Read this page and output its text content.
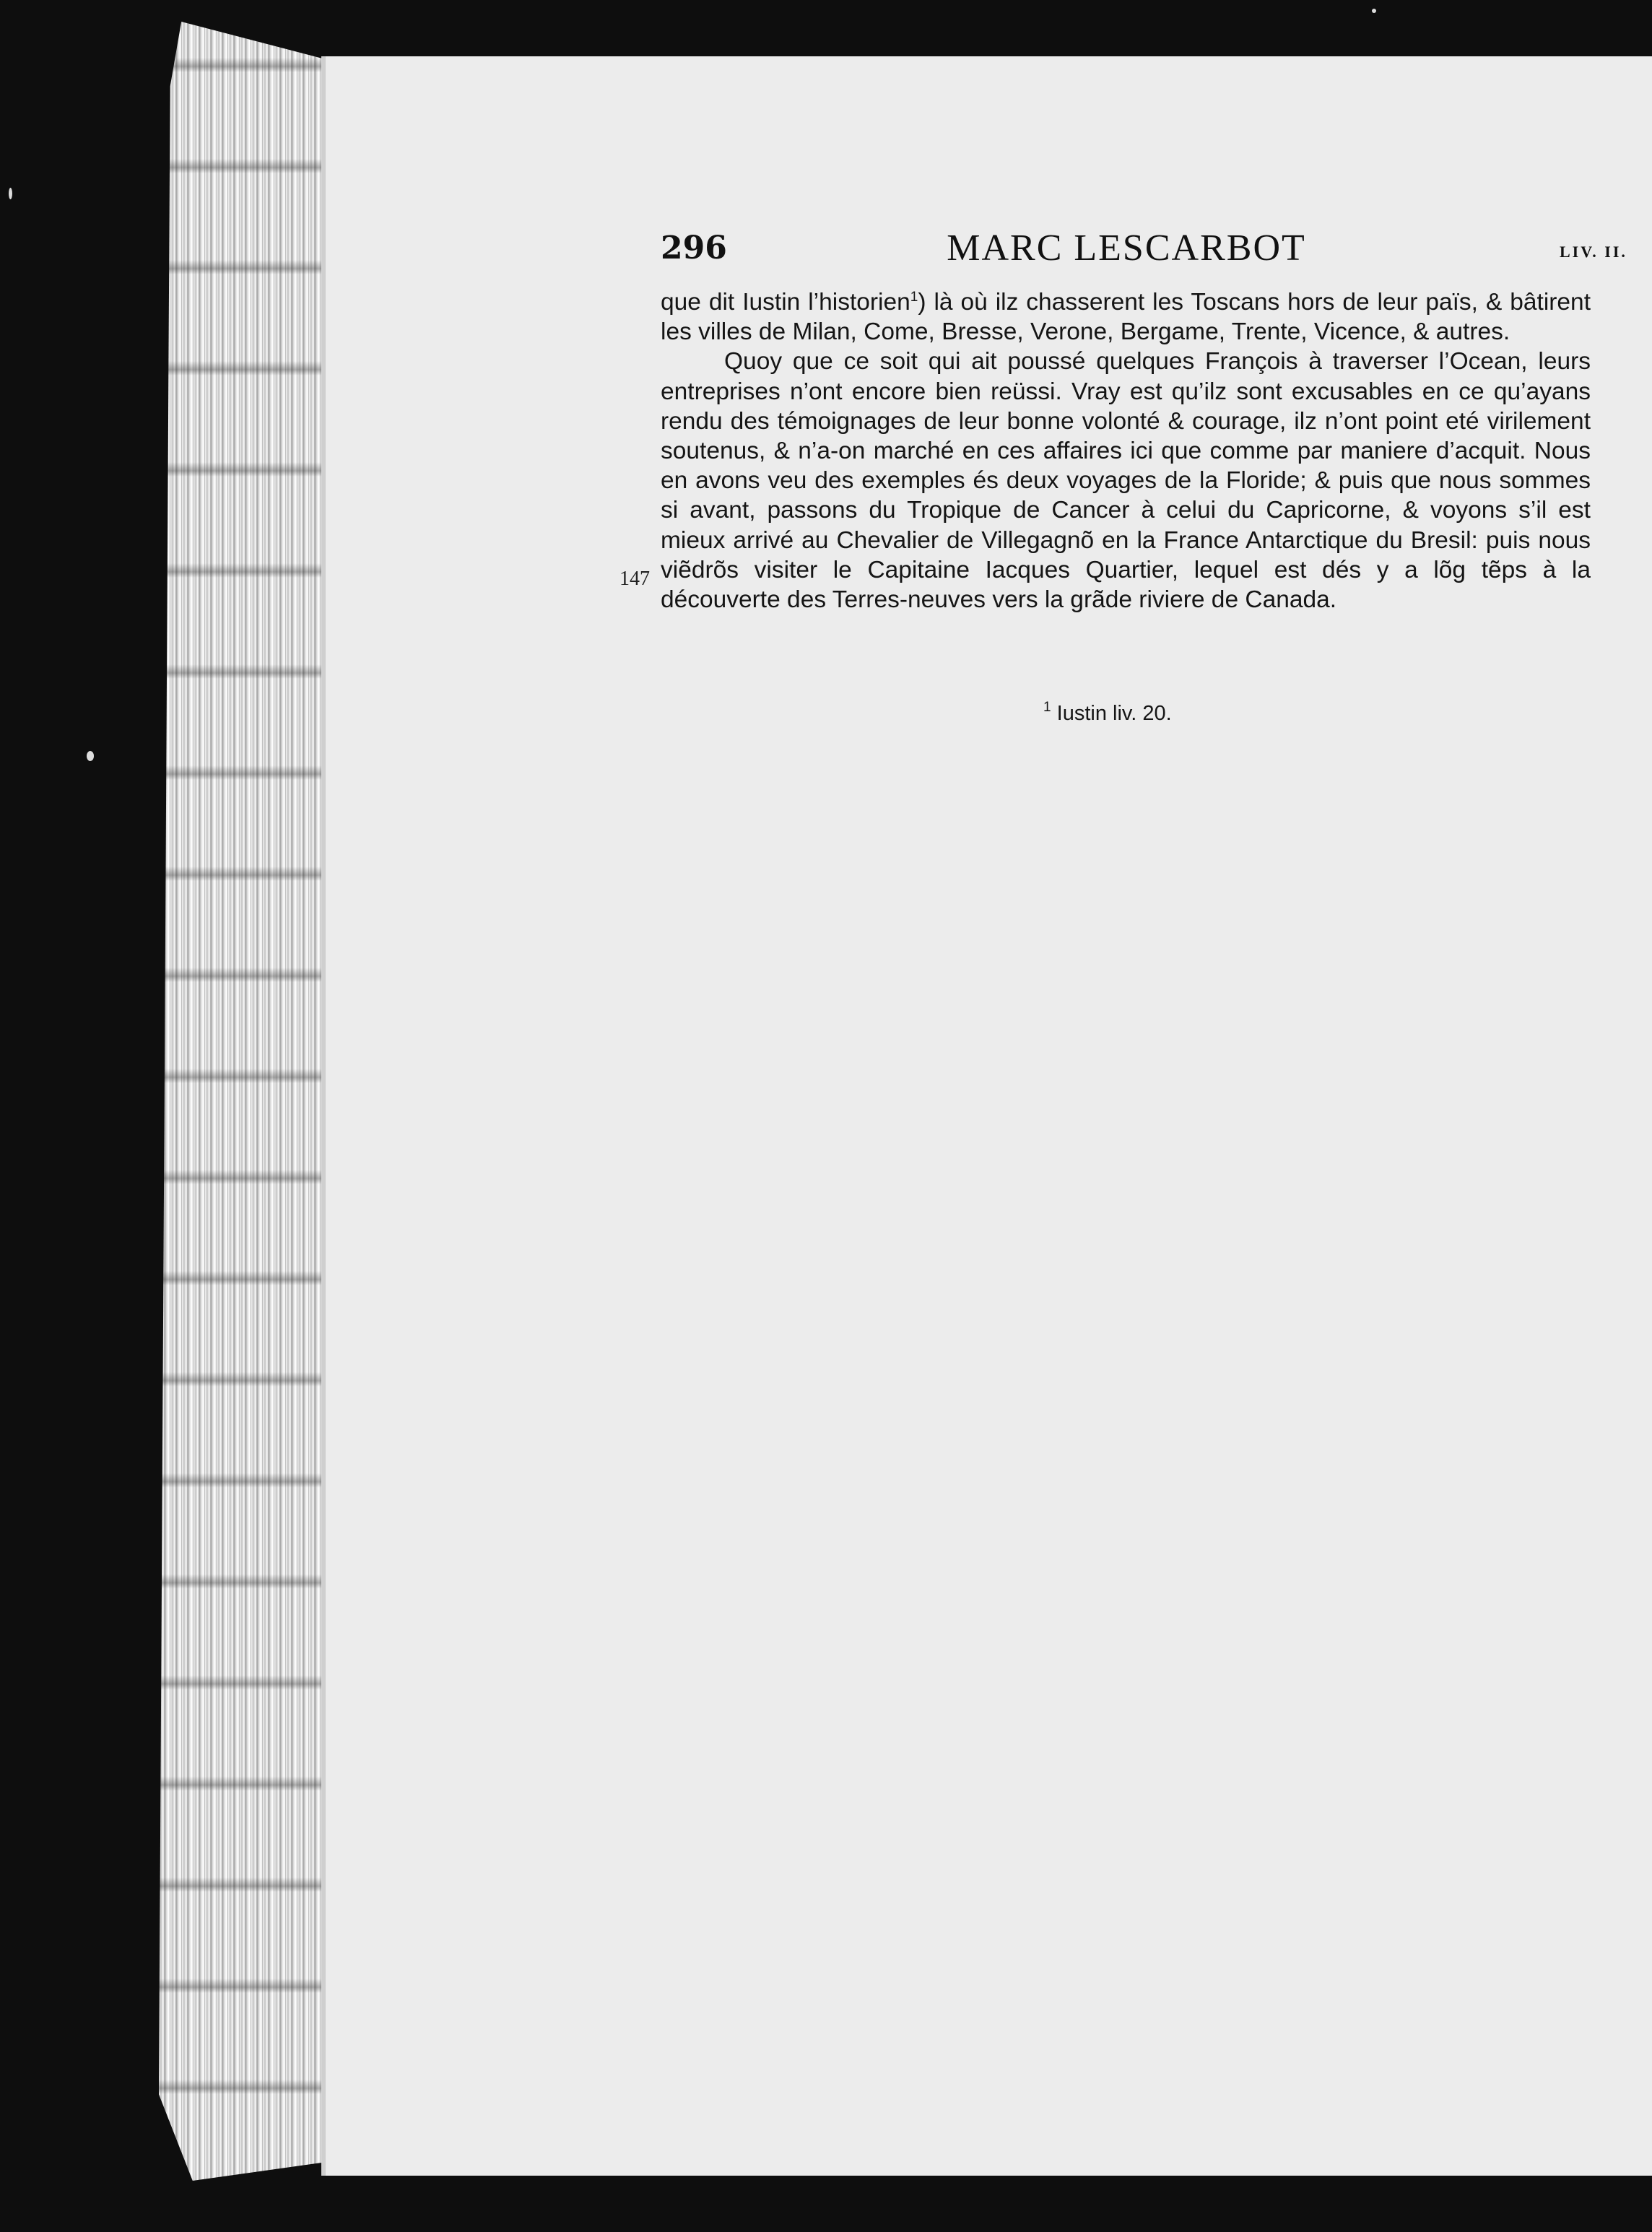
296	MARC LESCARBOT	LIV. II.

que dit Iustin l’historien$^1$) là où ilz chasserent les Toscans hors de leur païs, & bâtirent les villes de Milan, Come, Bresse, Verone, Bergame, Trente, Vicence, & autres.

Quoy que ce soit qui ait poussé quelques François à traverser l’Ocean, leurs entreprises n’ont encore bien reüssi. Vray est qu’ilz sont excusables en ce qu’ayans rendu des témoignages de leur bonne volonté & courage, ilz n’ont point eté virilement soutenus, & n’a-on marché en ces affaires ici que comme par maniere d’acquit. Nous en avons veu des exemples és deux voyages de la Floride; & puis que nous sommes si avant, passons du Tropique de Cancer à celui du Capricorne, & voyons s’il est mieux arrivé au Chevalier de Villegagnõ en la France Antarctique du Bresil: puis nous viẽdrõs visiter le Capitaine Iacques Quartier, lequel est dés y a lõg tẽps à la découverte des Terres-neuves vers la grãde riviere de Canada.

147
$^1$ Iustin liv. 20.
